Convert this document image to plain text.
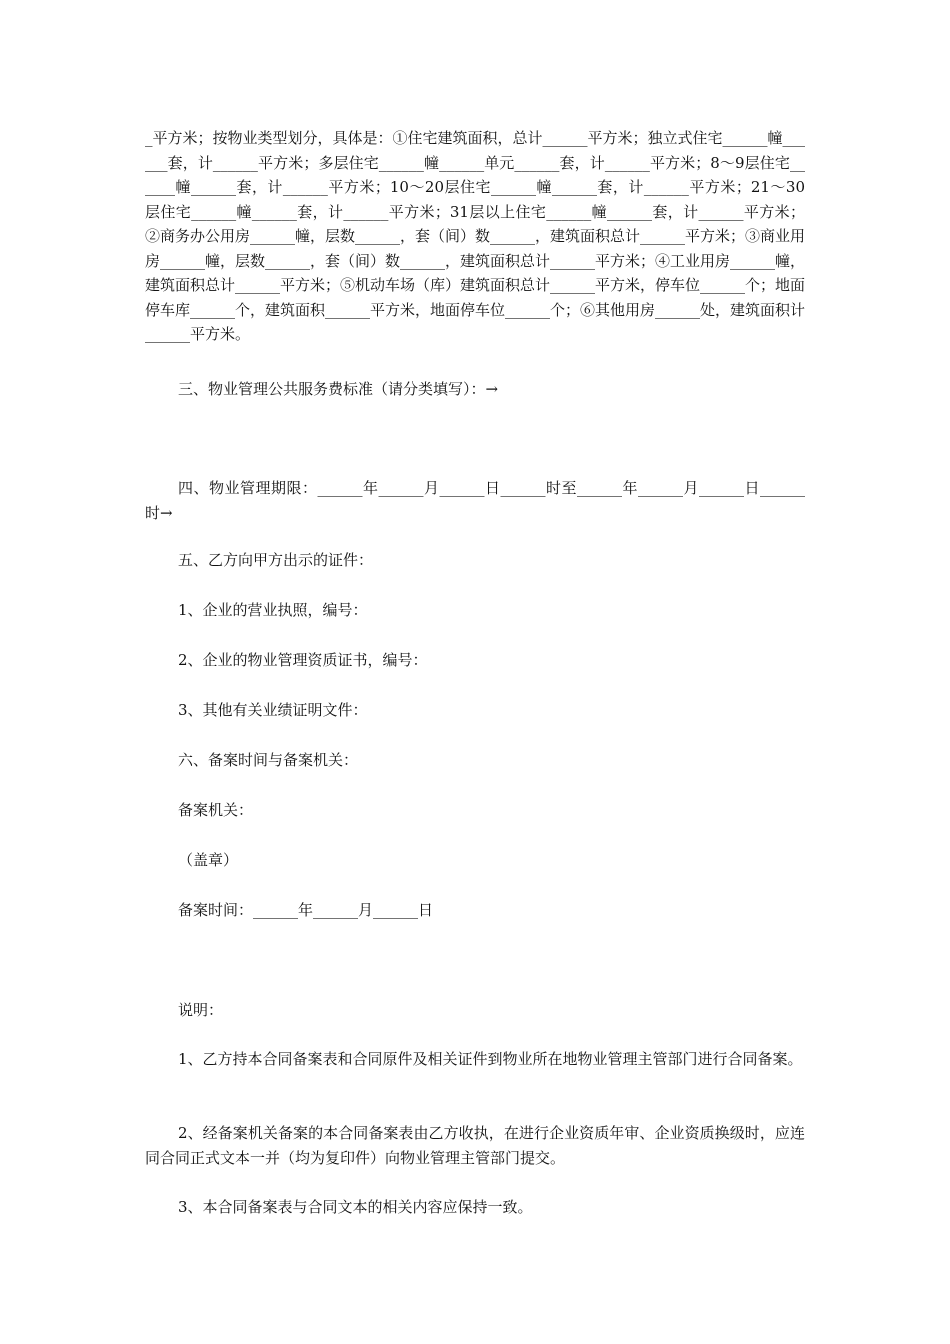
_平方米；按物业类型划分，具体是：①住宅建筑面积，总计______平方米；独立式住宅______幢______套，计______平方米；多层住宅______幢______单元______套，计______平方米；8～9层住宅______幢______套，计______平方米；10～20层住宅______幢______套，计______平方米；21～30层住宅______幢______套，计______平方米；31层以上住宅______幢______套，计______平方米；②商务办公用房______幢，层数______，套（间）数______，建筑面积总计______平方米；③商业用房______幢，层数______，套（间）数______，建筑面积总计______平方米；④工业用房______幢，建筑面积总计______平方米；⑤机动车场（库）建筑面积总计______平方米，停车位______个；地面停车库______个，建筑面积______平方米，地面停车位______个；⑥其他用房______处，建筑面积计______平方米。

三、物业管理公共服务费标准（请分类填写）：→

四、物业管理期限：______年______月______日______时至______年______月______日______时→

五、乙方向甲方出示的证件：

1、企业的营业执照，编号：

2、企业的物业管理资质证书，编号：

3、其他有关业绩证明文件：

六、备案时间与备案机关：

备案机关：

（盖章）

备案时间：______年______月______日

说明：

1、乙方持本合同备案表和合同原件及相关证件到物业所在地物业管理主管部门进行合同备案。

2、经备案机关备案的本合同备案表由乙方收执，在进行企业资质年审、企业资质换级时，应连同合同正式文本一并（均为复印件）向物业管理主管部门提交。

3、本合同备案表与合同文本的相关内容应保持一致。
